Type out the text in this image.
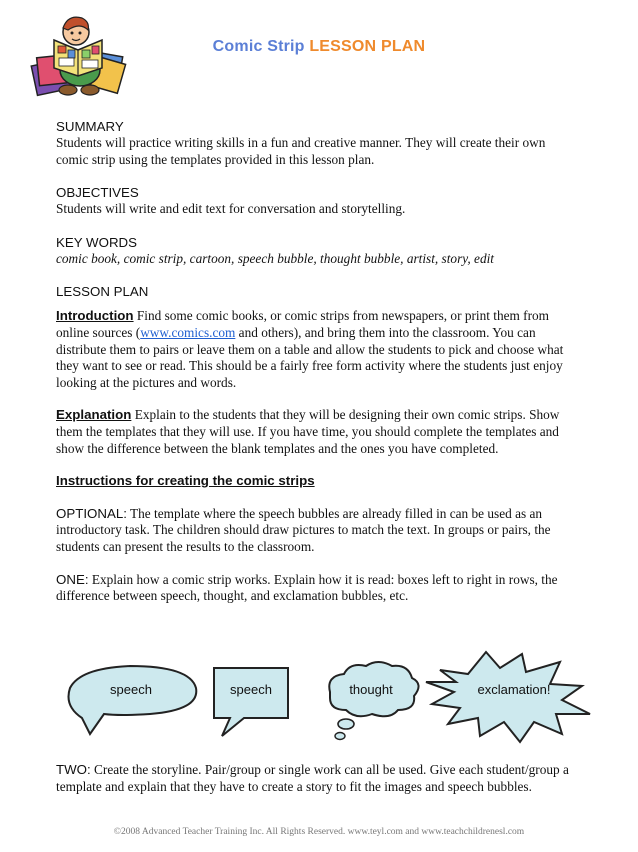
Comic Strip LESSON PLAN

SUMMARY

Students will practice writing skills in a fun and creative manner. They will create their own comic strip using the templates provided in this lesson plan.

OBJECTIVES

Students will write and edit text for conversation and storytelling.

KEY WORDS

comic book, comic strip, cartoon, speech bubble, thought bubble, artist, story, edit

LESSON PLAN

Introduction Find some comic books, or comic strips from newspapers, or print them from online sources (www.comics.com and others), and bring them into the classroom. You can distribute them to pairs or leave them on a table and allow the students to pick and choose what they want to see or read. This should be a fairly free form activity where the students just enjoy looking at the pictures and words.

Explanation Explain to the students that they will be designing their own comic strips. Show them the templates that they will use. If you have time, you should complete the templates and show the difference between the blank templates and the ones you have completed.

Instructions for creating the comic strips

OPTIONAL: The template where the speech bubbles are already filled in can be used as an introductory task. The children should draw pictures to match the text. In groups or pairs, the students can present the results to the classroom.

ONE: Explain how a comic strip works. Explain how it is read: boxes left to right in rows, the difference between speech, thought, and exclamation bubbles, etc.

speech	speech	thought	exclamation!
TWO: Create the storyline. Pair/group or single work can all be used. Give each student/group a template and explain that they have to create a story to fit the images and speech bubbles.
©2008 Advanced Teacher Training Inc. All Rights Reserved. www.teyl.com and www.teachchildrenesl.com
